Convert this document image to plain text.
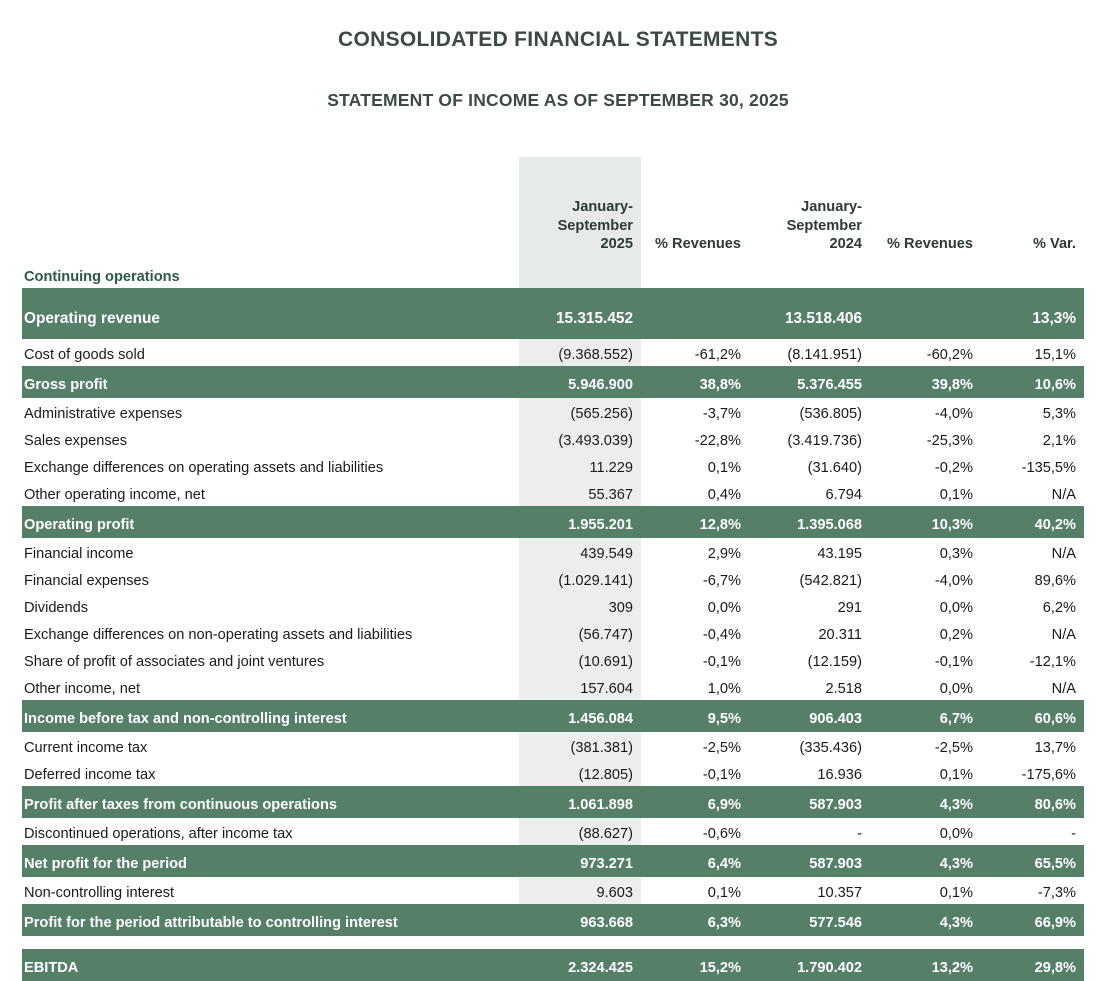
CONSOLIDATED FINANCIAL STATEMENTS
STATEMENT OF INCOME AS OF SEPTEMBER 30, 2025
	January-September 2025	% Revenues	January-September 2024	% Revenues	% Var.
Continuing operations					
Operating revenue	15.315.452		13.518.406		13,3%
Cost of goods sold	(9.368.552)	-61,2%	(8.141.951)	-60,2%	15,1%
Gross profit	5.946.900	38,8%	5.376.455	39,8%	10,6%
Administrative expenses	(565.256)	-3,7%	(536.805)	-4,0%	5,3%
Sales expenses	(3.493.039)	-22,8%	(3.419.736)	-25,3%	2,1%
Exchange differences on operating assets and liabilities	11.229	0,1%	(31.640)	-0,2%	-135,5%
Other operating income, net	55.367	0,4%	6.794	0,1%	N/A
Operating profit	1.955.201	12,8%	1.395.068	10,3%	40,2%
Financial income	439.549	2,9%	43.195	0,3%	N/A
Financial expenses	(1.029.141)	-6,7%	(542.821)	-4,0%	89,6%
Dividends	309	0,0%	291	0,0%	6,2%
Exchange differences on non-operating assets and liabilities	(56.747)	-0,4%	20.311	0,2%	N/A
Share of profit of associates and joint ventures	(10.691)	-0,1%	(12.159)	-0,1%	-12,1%
Other income, net	157.604	1,0%	2.518	0,0%	N/A
Income before tax and non-controlling interest	1.456.084	9,5%	906.403	6,7%	60,6%
Current income tax	(381.381)	-2,5%	(335.436)	-2,5%	13,7%
Deferred income tax	(12.805)	-0,1%	16.936	0,1%	-175,6%
Profit after taxes from continuous operations	1.061.898	6,9%	587.903	4,3%	80,6%
Discontinued operations, after income tax	(88.627)	-0,6%	-	0,0%	-
Net profit for the period	973.271	6,4%	587.903	4,3%	65,5%
Non-controlling interest	9.603	0,1%	10.357	0,1%	-7,3%
Profit for the period attributable to controlling interest	963.668	6,3%	577.546	4,3%	66,9%

EBITDA	2.324.425	15,2%	1.790.402	13,2%	29,8%
